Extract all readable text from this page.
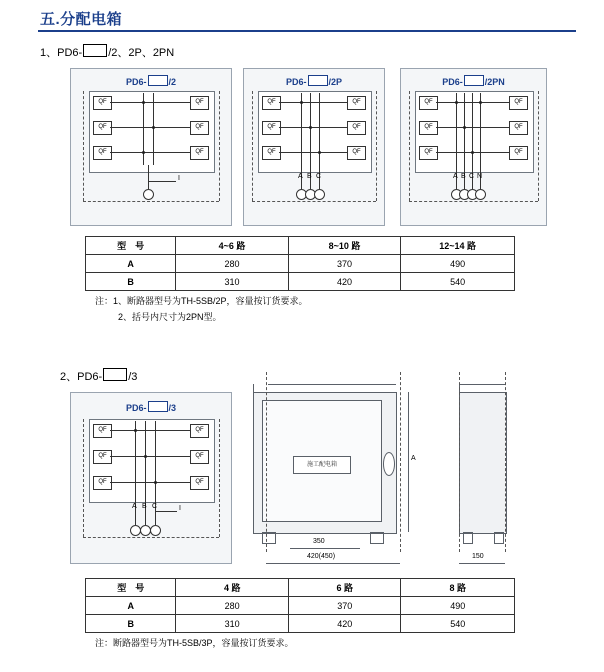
五.分配电箱
1、PD6- /2、2P、2PN
PD6- /2
QF
QF
QF
QF
QF
QF
I
PD6- /2P
QF
QF
QF
QF
QF
QF
A B C
PD6- /2PN
QF
QF
QF
QF
QF
QF
A B C N
型　号	4~6 路	8~10 路	12~14 路
A	280	370	490
B	310	420	540
注：1、断路器型号为TH-5SB/2P，容量按订货要求。
2、括号内尺寸为2PN型。
2、PD6- /3
PD6- /3
QF
QF
QF
QF
QF
QF
I
A B C
施工配电箱
A
350
420(450)	150
型　号	4 路	6 路	8 路
A	280	370	490
B	310	420	540
注：断路器型号为TH-5SB/3P，容量按订货要求。
